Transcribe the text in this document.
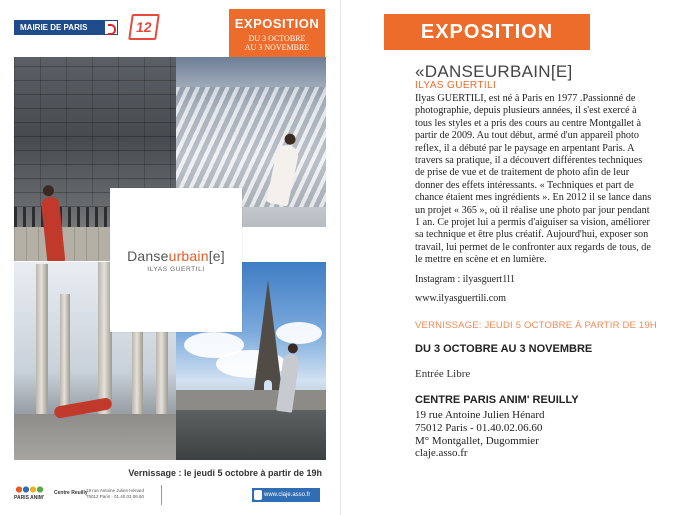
MAIRIE DE PARIS	12	EXPOSITION
DU 3 OCTOBRE
AU 3 NOVEMBRE
Danseurbain[e]
ILYAS GUERTILI
Vernissage : le jeudi 5 octobre à partir de 19h
PARIS ANIM'
Centre Reuilly
19 rue Antoine Julien Hénard
75012 Paris · 01.40.02.06.60	www.claje.asso.fr
EXPOSITION
«DANSEURBAIN[E]
ILYAS GUERTILI
Ilyas GUERTILI, est né à Paris en 1977 .Passionné de photographie, depuis plusieurs années, il s'est exercé à tous les styles et a pris des cours au centre Montgallet à partir de 2009. Au tout début, armé d'un appareil photo reflex, il a débuté par le paysage en arpentant Paris. A travers sa pratique, il a découvert différentes techniques de prise de vue et de traitement de photo afin de leur donner des effets intéressants. « Techniques et part de chance étaient mes ingrédients ». En 2012 il se lance dans un projet « 365 », où il réalise une photo par jour pendant 1 an. Ce projet lui a permis d'aiguiser sa vision, améliorer sa technique et être plus créatif. Aujourd'hui, exposer son travail, lui permet de le confronter aux regards de tous, de le mettre en scène et en lumière.
Instagram : ilyasguert1l1
www.ilyasguertili.com
VERNISSAGE: JEUDI 5 OCTOBRE À PARTIR DE 19H
DU 3 OCTOBRE AU 3 NOVEMBRE
Entrée Libre
CENTRE PARIS ANIM' REUILLY
19 rue Antoine Julien Hénard
75012 Paris - 01.40.02.06.60
M° Montgallet, Dugommier
claje.asso.fr
